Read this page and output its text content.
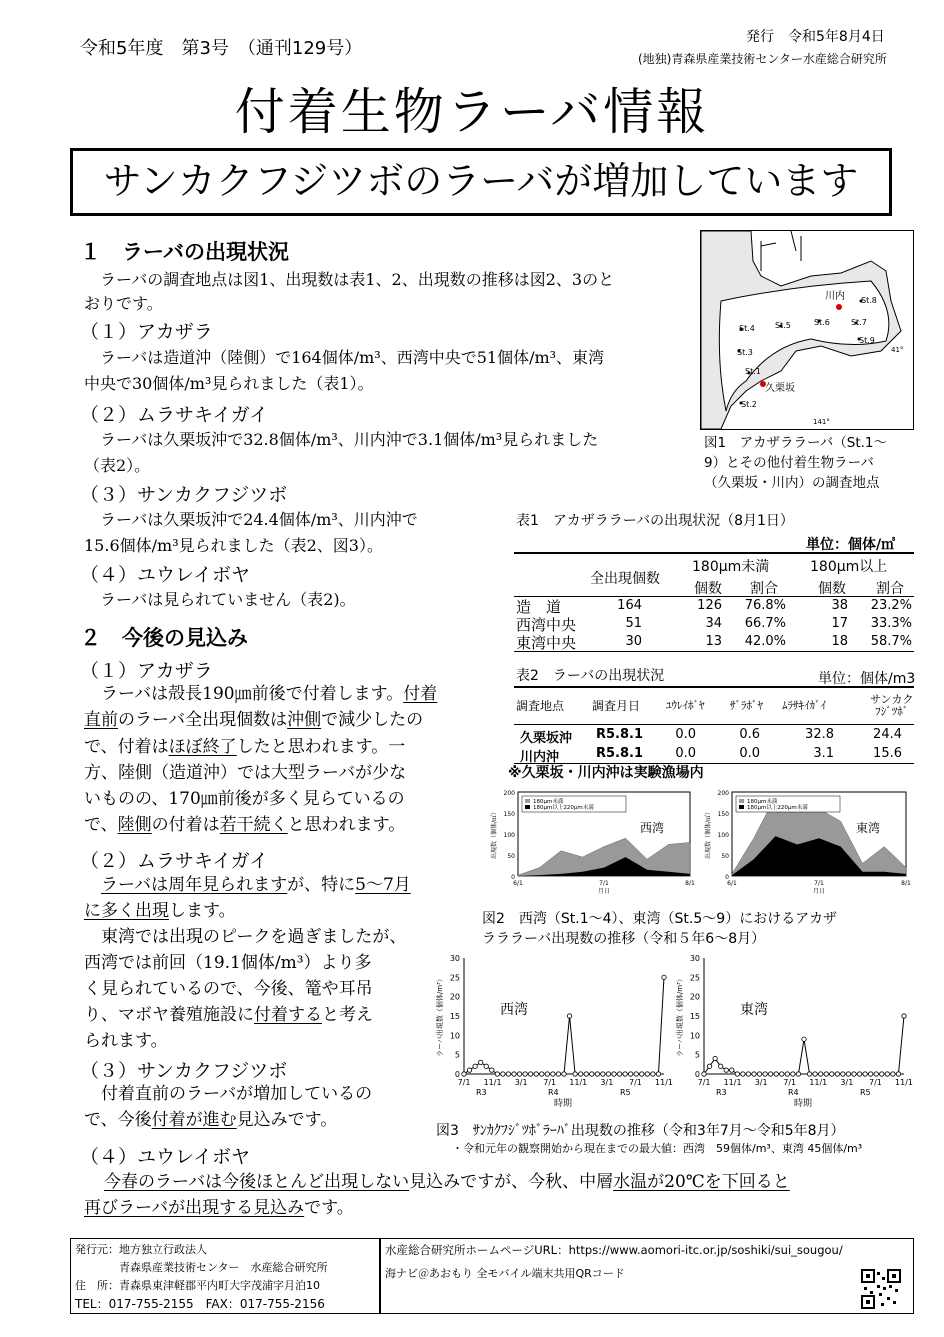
令和5年度　第3号　（通刊129号）
発行　令和5年8月4日
(地独)青森県産業技術センター水産総合研究所
付着生物ラーバ情報
サンカクフジツボのラーバが増加しています
１　ラーバの出現状況
　ラーバの調査地点は図1、出現数は表1、2、出現数の推移は図2、3のと
おりです。
（１）アカザラ
　ラーバは造道沖（陸側）で164個体/m³、西湾中央で51個体/m³、東湾
中央で30個体/m³見られました（表1）。
（２）ムラサキイガイ
　ラーバは久栗坂沖で32.8個体/m³、川内沖で3.1個体/m³見られました
（表2）。
（３）サンカクフジツボ
　ラーバは久栗坂沖で24.4個体/m³、川内沖で
15.6個体/m³見られました（表2、図3）。
（４）ユウレイボヤ
　ラーバは見られていません（表2)。
２　今後の見込み
（１）アカザラ
　ラーバは殻長190㎛前後で付着します。付着
直前のラーバ全出現個数は沖側で減少したの
で、付着はほぼ終了したと思われます。一
方、陸側（造道沖）では大型ラーバが少な
いものの、170㎛前後が多く見らているの
で、陸側の付着は若干続くと思われます。
（２）ムラサキイガイ
　ラーバは周年見られますが、特に5～7月
に多く出現します。
　東湾では出現のピークを過ぎましたが、
西湾では前回（19.1個体/m³）より多
く見られているので、今後、篭や耳吊
り、マボヤ養殖施設に付着すると考え
られます。
（３）サンカクフジツボ
　付着直前のラーバが増加しているの
で、今後付着が進む見込みです。
（４）ユウレイボヤ
今春のラーバは今後ほとんど出現しない見込みですが、今秋、中層水温が20℃を下回ると
再びラーバが出現する見込みです。
St.8
川内
St.4	St.5	St.6	St.7
St.9
St.3
St.1
久栗坂
St.2
41°
141°
図1　アカザララーバ（St.1～
9）とその他付着生物ラーバ
（久栗坂・川内）の調査地点
表1　アカザララーバの出現状況（8月1日）
単位：個体/㎥
全出現個数
180μm未満	180μm以上
個数 割合	個数 割合
造　道	164	126 76.8%	38 23.2%
西湾中央	51	34 66.7%	17 33.3%
東湾中央	30	13 42.0%	18 58.7%
表2　ラーバの出現状況	単位：個体/m3
調査地点 調査月日 ﾕｳﾚｲﾎﾞﾔ ｻﾞﾗﾎﾞﾔ ﾑﾗｻｷｲｶﾞｲ	サンカク
ﾌｼﾞﾂﾎﾞ
久栗坂沖 R5.8.1 0.0	0.6	32.8	24.4
川内沖	R5.8.1 0.0	0.0	3.1	15.6
※久栗坂・川内沖は実験漁場内
0
50
100
150
200
6/1	7/1	8/1
月日
出現数（個体/㎥）
180μm未満
180μm以上220μm未満
西湾
0
50
100
150
200
6/1	7/1	8/1
月日
出現数（個体/㎥）
180μm未満
180μm以上220μm未満
東湾
図2　西湾（St.1～4）、東湾（St.5～9）におけるアカザ
ラララーバ出現数の推移（令和５年6～8月）
0
5
10
15
20
25
30
7/1 11/1 3/1 7/1 11/1 3/1 7/1 11/1
R3	R4	R5
時期
ラーバ出現数（個体/m³）	西湾
0
5
10
15
20
25
30
7/1 11/1 3/1 7/1 11/1 3/1 7/1 11/1
R3	R4	R5
時期
ラーバ出現数（個体/m³）	東湾
図3　ｻﾝｶｸﾌｼﾞﾂﾎﾞﾗｰﾊﾞ出現数の推移（令和3年7月～令和5年8月）
・令和元年の観察開始から現在までの最大値：西湾　59個体/m³、東湾 45個体/m³
発行元：地方独立行政法人
　　　　青森県産業技術センター　水産総合研究所
住　所：青森県東津軽郡平内町大字茂浦字月泊10
TEL：017-755-2155　FAX：017-755-2156
水産総合研究所ホームページURL：https://www.aomori-itc.or.jp/soshiki/sui_sougou/
海ナビ＠あおもり 全モバイル端末共用QRコード
